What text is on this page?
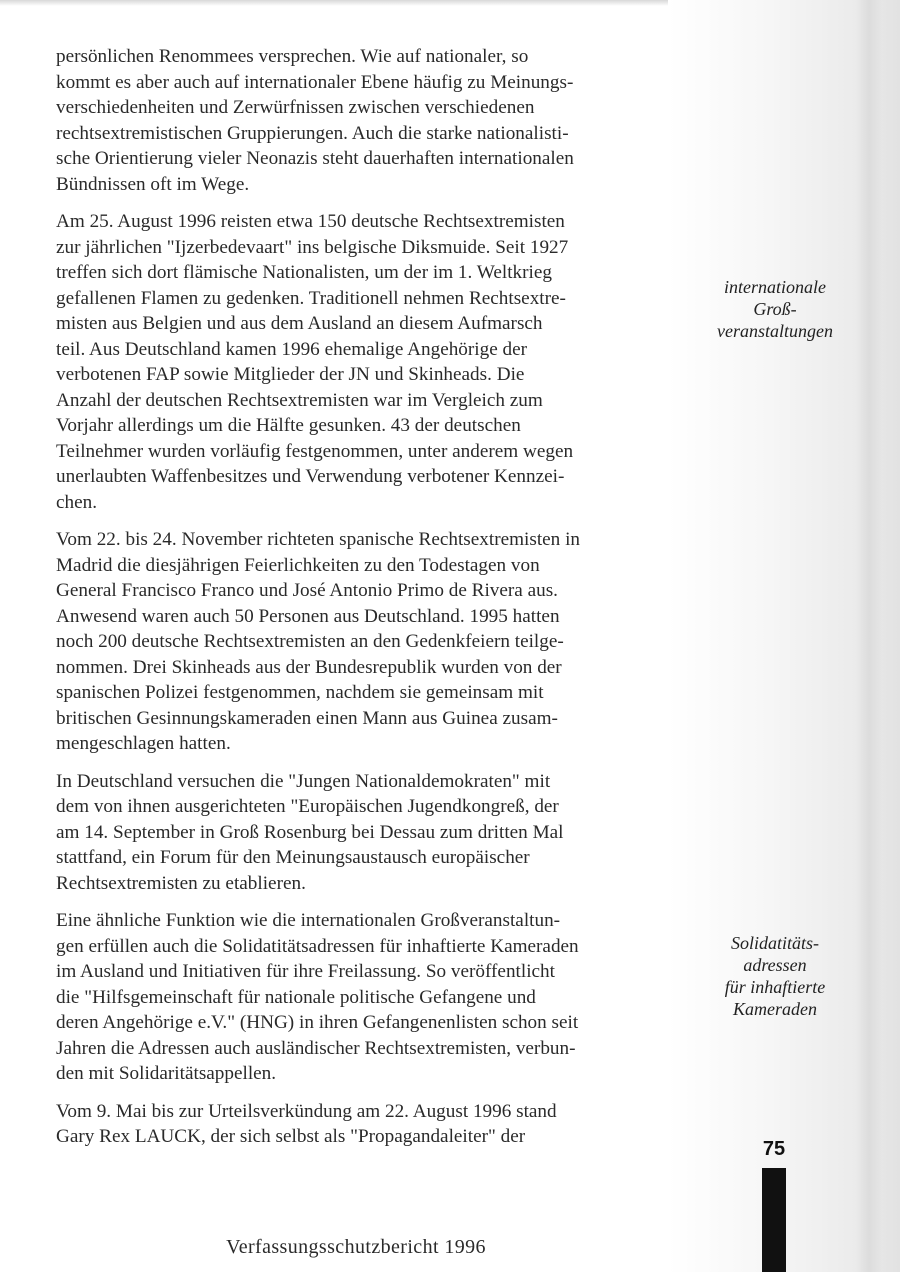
persönlichen Renommees versprechen. Wie auf nationaler, so
kommt es aber auch auf internationaler Ebene häufig zu Meinungs-
verschiedenheiten und Zerwürfnissen zwischen verschiedenen
rechtsextremistischen Gruppierungen. Auch die starke nationalisti-
sche Orientierung vieler Neonazis steht dauerhaften internationalen
Bündnissen oft im Wege.

Am 25. August 1996 reisten etwa 150 deutsche Rechtsextremisten
zur jährlichen "Ijzerbedevaart" ins belgische Diksmuide. Seit 1927
treffen sich dort flämische Nationalisten, um der im 1. Weltkrieg
gefallenen Flamen zu gedenken. Traditionell nehmen Rechtsextre-
misten aus Belgien und aus dem Ausland an diesem Aufmarsch
teil. Aus Deutschland kamen 1996 ehemalige Angehörige der
verbotenen FAP sowie Mitglieder der JN und Skinheads. Die
Anzahl der deutschen Rechtsextremisten war im Vergleich zum
Vorjahr allerdings um die Hälfte gesunken. 43 der deutschen
Teilnehmer wurden vorläufig festgenommen, unter anderem wegen
unerlaubten Waffenbesitzes und Verwendung verbotener Kennzei-
chen.

Vom 22. bis 24. November richteten spanische Rechtsextremisten in
Madrid die diesjährigen Feierlichkeiten zu den Todestagen von
General Francisco Franco und José Antonio Primo de Rivera aus.
Anwesend waren auch 50 Personen aus Deutschland. 1995 hatten
noch 200 deutsche Rechtsextremisten an den Gedenkfeiern teilge-
nommen. Drei Skinheads aus der Bundesrepublik wurden von der
spanischen Polizei festgenommen, nachdem sie gemeinsam mit
britischen Gesinnungskameraden einen Mann aus Guinea zusam-
mengeschlagen hatten.

In Deutschland versuchen die "Jungen Nationaldemokraten" mit
dem von ihnen ausgerichteten "Europäischen Jugendkongreß, der
am 14. September in Groß Rosenburg bei Dessau zum dritten Mal
stattfand, ein Forum für den Meinungsaustausch europäischer
Rechtsextremisten zu etablieren.

Eine ähnliche Funktion wie die internationalen Großveranstaltun-
gen erfüllen auch die Solidatitätsadressen für inhaftierte Kameraden
im Ausland und Initiativen für ihre Freilassung. So veröffentlicht
die "Hilfsgemeinschaft für nationale politische Gefangene und
deren Angehörige e.V." (HNG) in ihren Gefangenenlisten schon seit
Jahren die Adressen auch ausländischer Rechtsextremisten, verbun-
den mit Solidaritätsappellen.

Vom 9. Mai bis zur Urteilsverkündung am 22. August 1996 stand
Gary Rex LAUCK, der sich selbst als "Propagandaleiter" der

internationale
Groß-
veranstaltungen
Solidatitäts-
adressen
für inhaftierte
Kameraden
75
Verfassungsschutzbericht 1996
